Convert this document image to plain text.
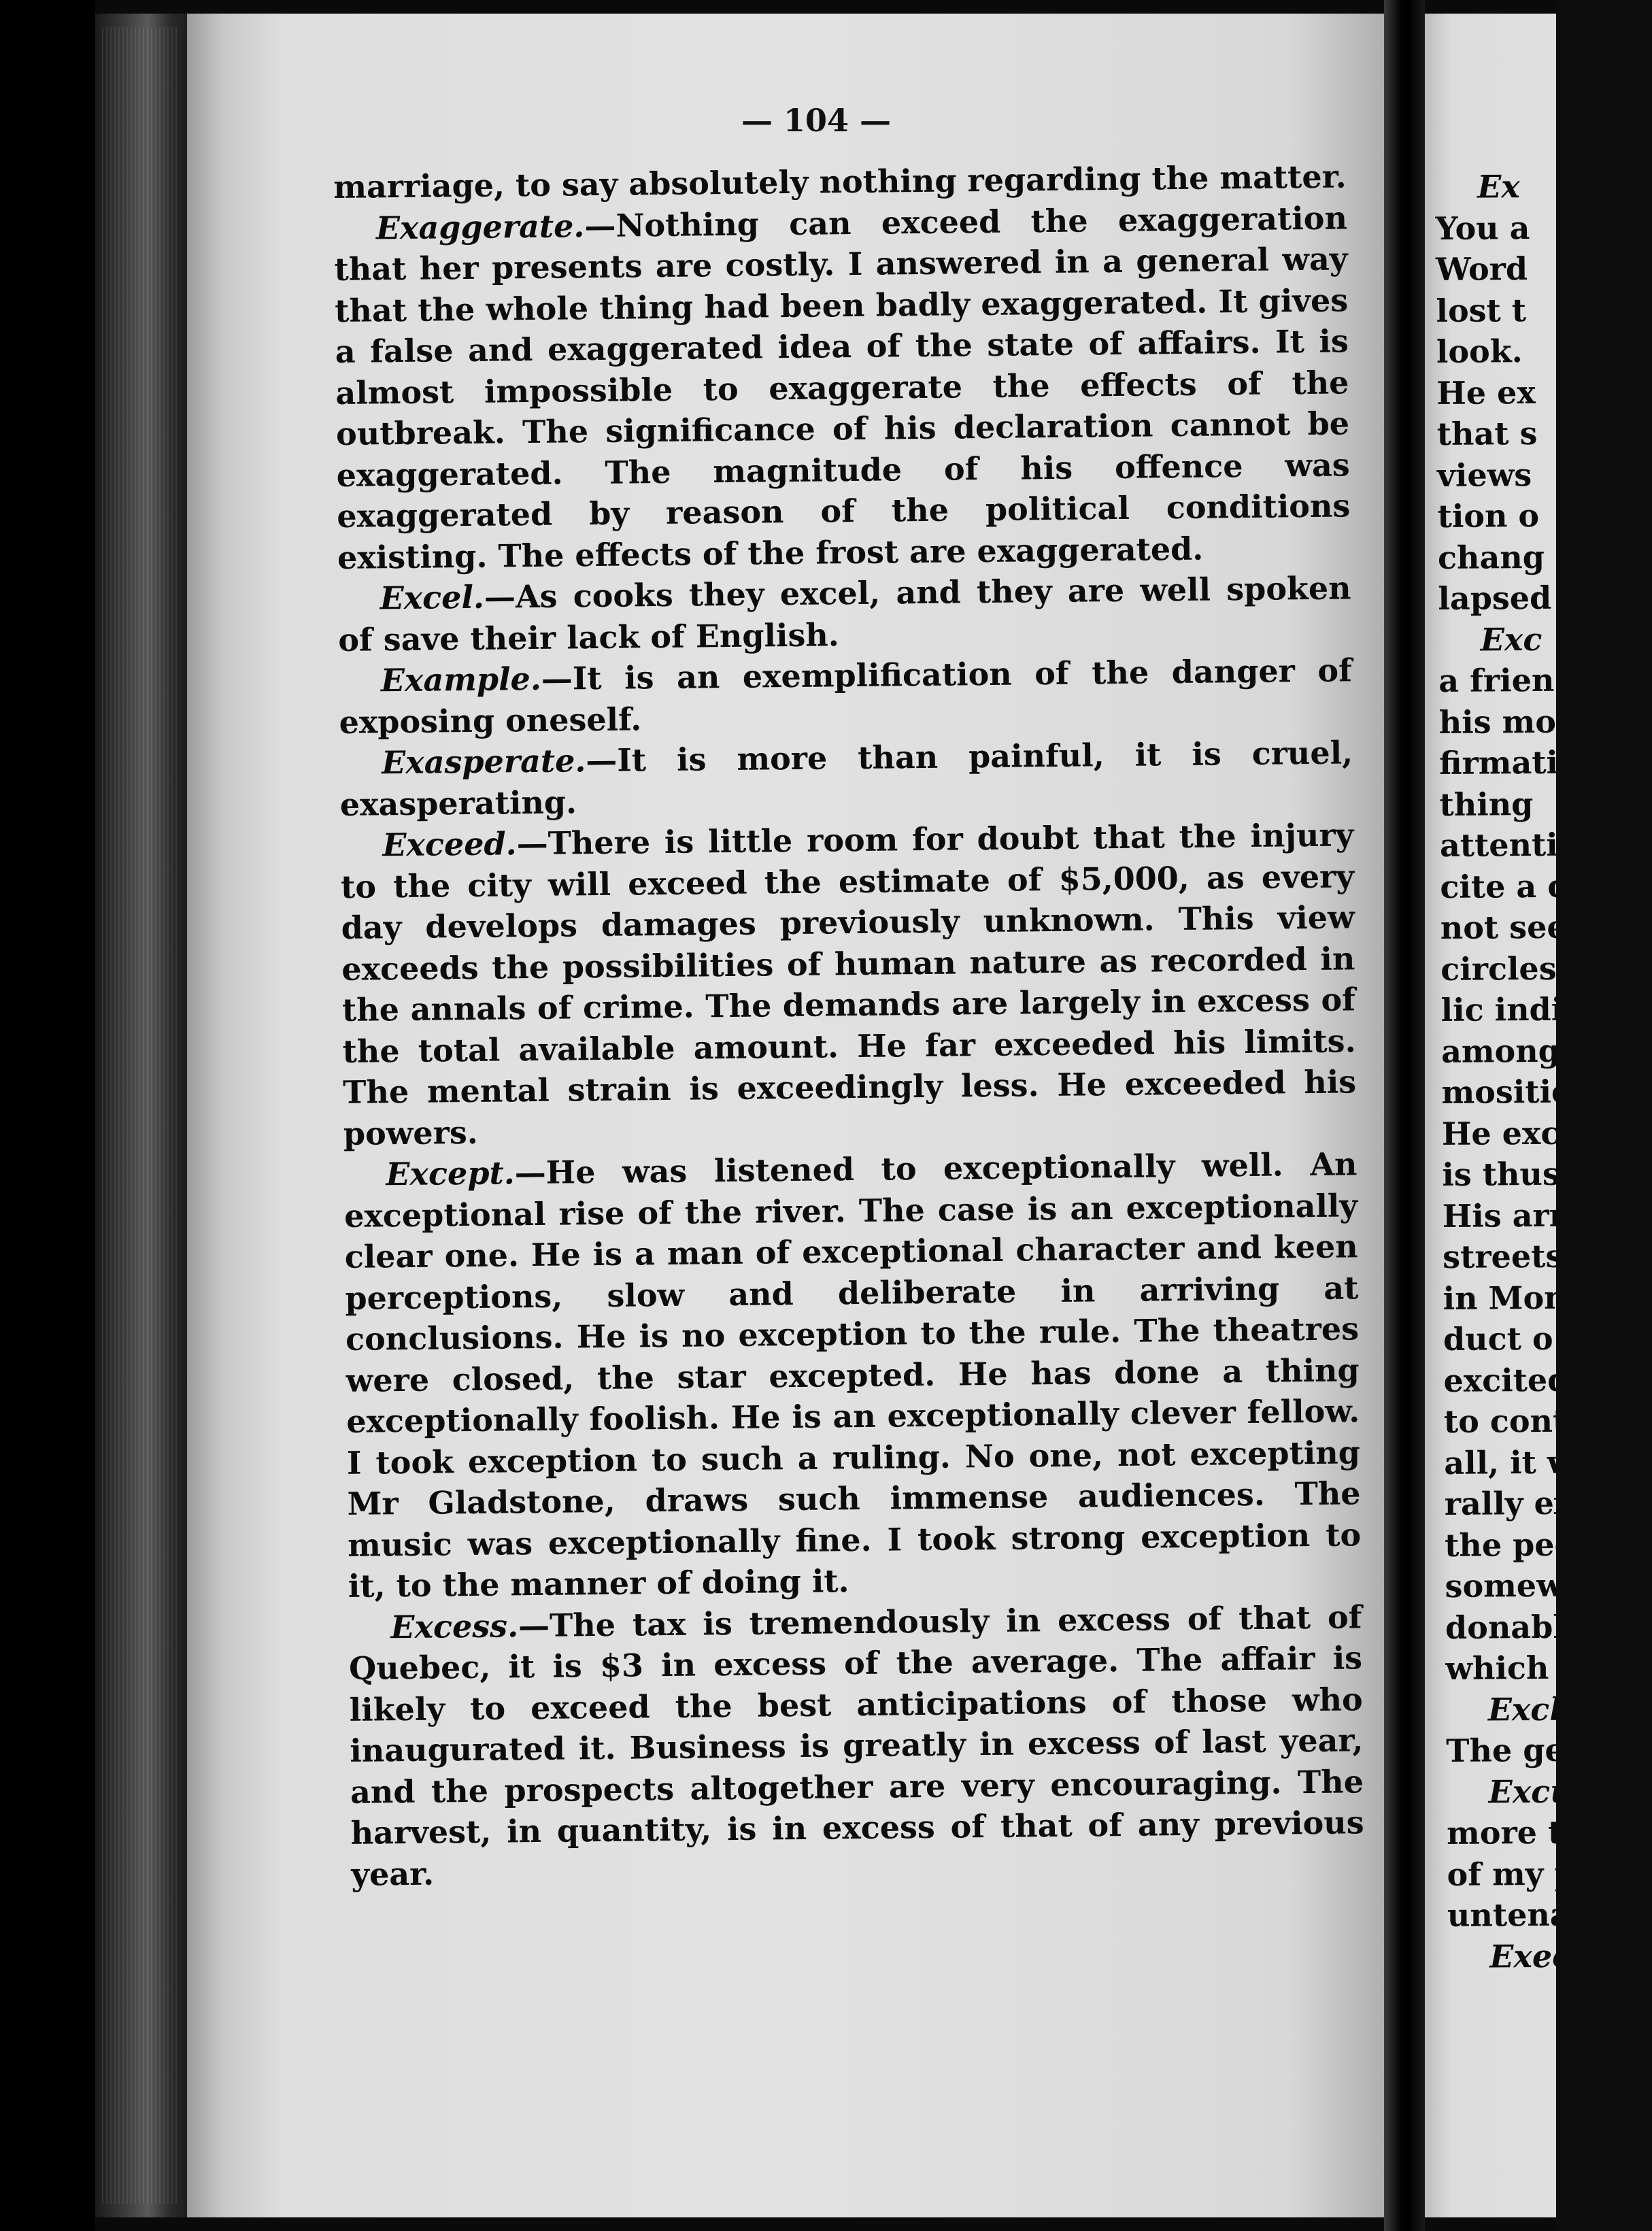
— 104 —

marriage, to say absolutely nothing regarding the matter.

Exaggerate.—Nothing can exceed the exaggeration that her presents are costly. I answered in a general way that the whole thing had been badly exaggerated. It gives a false and exaggerated idea of the state of affairs. It is almost impossible to exaggerate the effects of the outbreak. The significance of his declaration cannot be exaggerated. The magnitude of his offence was exaggerated by reason of the political conditions existing. The effects of the frost are exaggerated.

Excel.—As cooks they excel, and they are well spoken of save their lack of English.

Example.—It is an exemplification of the danger of exposing oneself.

Exasperate.—It is more than painful, it is cruel, exasperating.

Exceed.—There is little room for doubt that the injury to the city will exceed the estimate of $5,000, as every day develops damages previously unknown. This view exceeds the possibilities of human nature as recorded in the annals of crime. The demands are largely in excess of the total available amount. He far exceeded his limits. The mental strain is exceedingly less. He exceeded his powers.

Except.—He was listened to exceptionally well. An exceptional rise of the river. The case is an exceptionally clear one. He is a man of exceptional character and keen perceptions, slow and deliberate in arriving at conclusions. He is no exception to the rule. The theatres were closed, the star excepted. He has done a thing exceptionally foolish. He is an exceptionally clever fellow. I took exception to such a ruling. No one, not excepting Mr Gladstone, draws such immense audiences. The music was exceptionally fine. I took strong exception to it, to the manner of doing it.

Excess.—The tax is tremendously in excess of that of Quebec, it is $3 in excess of the average. The affair is likely to exceed the best anticipations of those who inaugurated it. Business is greatly in excess of last year, and the prospects altogether are very encouraging. The harvest, in quantity, is in excess of that of any previous year.

Ex
You a
Word
lost t
look.
He ex
that s
views
tion o
chang
lapsed
Exc
a frien
his mo
firmati
thing
attenti
cite a c
not see
circles,
lic indi
among
mosities
He exci
is thus
His arre
streets i
in Mont
duct o
excited
to contr
all, it wa
rally ex
the peop
somewha
donable
which a
Exclu
The gen
Excus
more tha
of my p
untenabl
Execut
